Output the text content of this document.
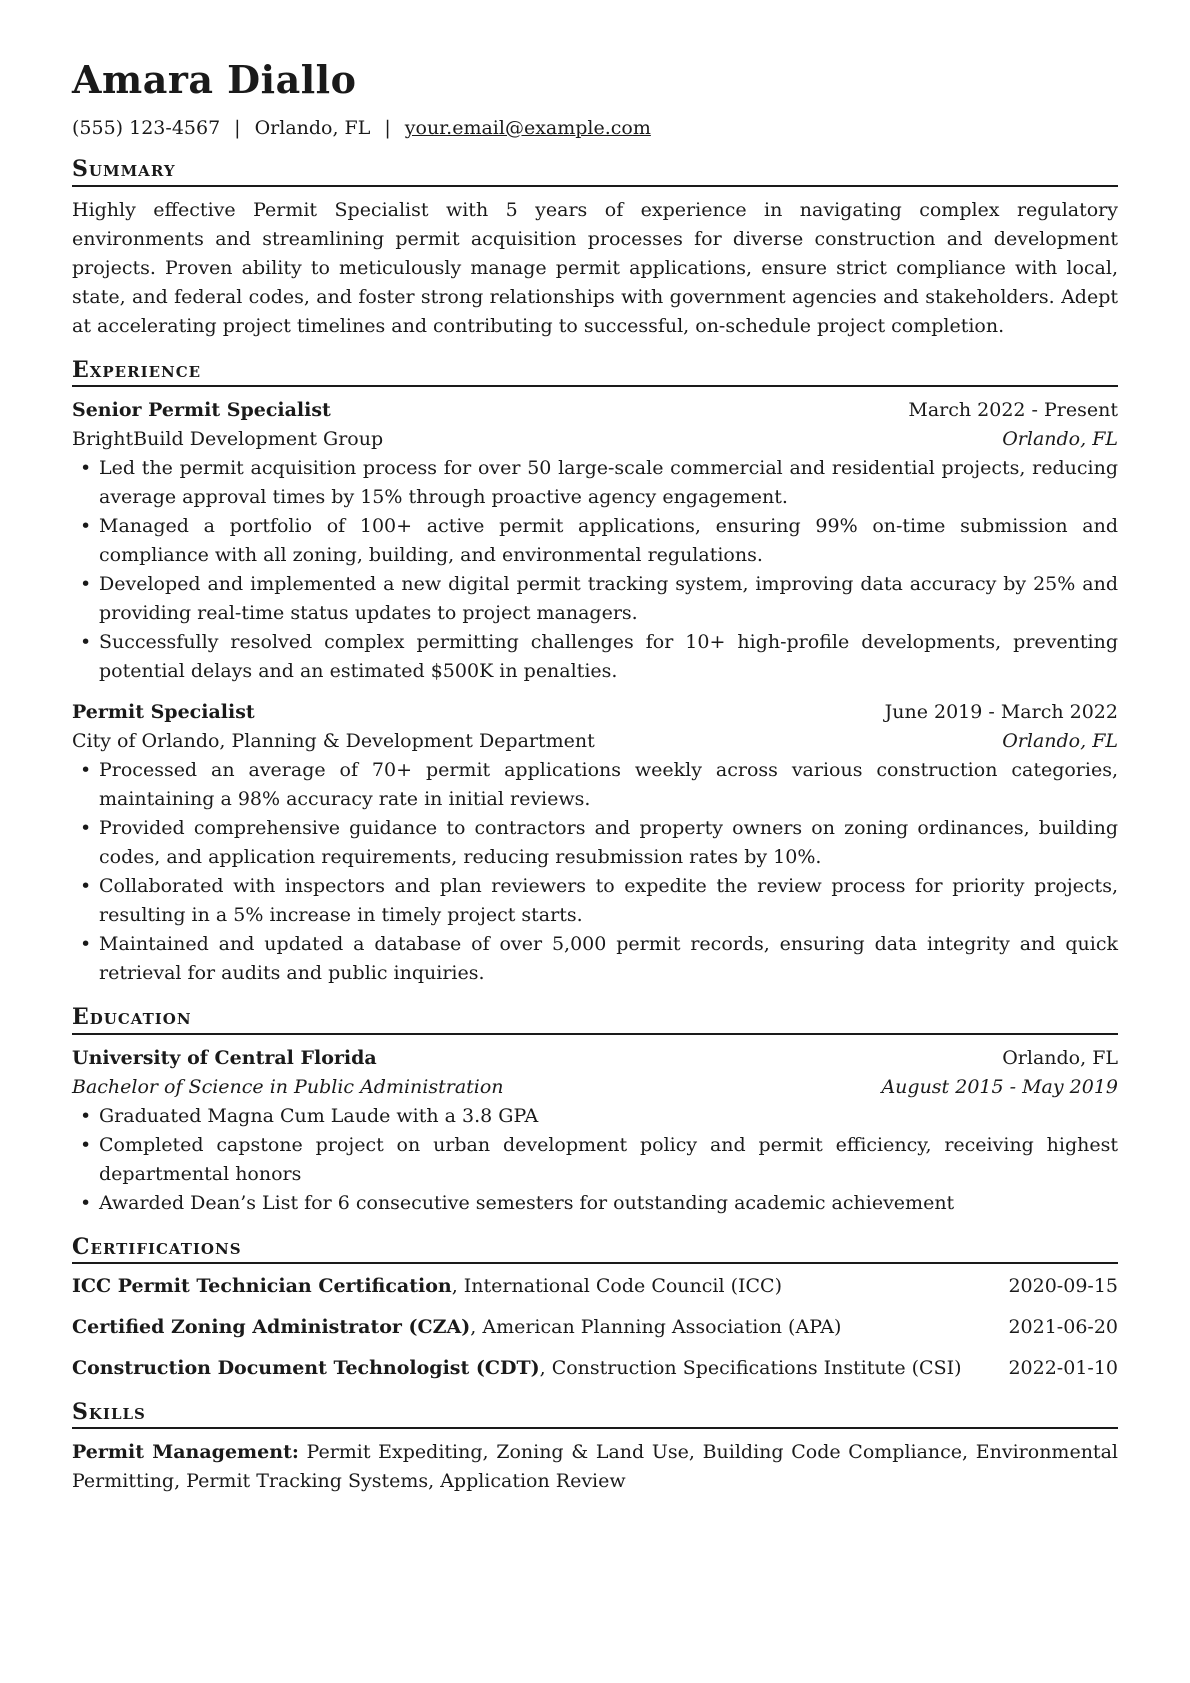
Amara Diallo
(555) 123-4567 | Orlando, FL | your.email@example.com
Summary
Highly effective Permit Specialist with 5 years of experience in navigating complex regulatory environments and streamlining permit acquisition processes for diverse construction and development projects. Proven ability to meticulously manage permit applications, ensure strict compliance with local, state, and federal codes, and foster strong relationships with government agencies and stakeholders. Adept at accelerating project timelines and contributing to successful, on-schedule project completion.
Experience
Senior Permit Specialist	March 2022 - Present
BrightBuild Development Group	Orlando, FL
• Led the permit acquisition process for over 50 large-scale commercial and residential projects, reducing average approval times by 15% through proactive agency engagement.
• Managed a portfolio of 100+ active permit applications, ensuring 99% on-time submission and compliance with all zoning, building, and environmental regulations.
• Developed and implemented a new digital permit tracking system, improving data accuracy by 25% and providing real-time status updates to project managers.
• Successfully resolved complex permitting challenges for 10+ high-profile developments, preventing potential delays and an estimated $500K in penalties.
Permit Specialist	June 2019 - March 2022
City of Orlando, Planning & Development Department	Orlando, FL
• Processed an average of 70+ permit applications weekly across various construction categories, maintaining a 98% accuracy rate in initial reviews.
• Provided comprehensive guidance to contractors and property owners on zoning ordinances, building codes, and application requirements, reducing resubmission rates by 10%.
• Collaborated with inspectors and plan reviewers to expedite the review process for priority projects, resulting in a 5% increase in timely project starts.
• Maintained and updated a database of over 5,000 permit records, ensuring data integrity and quick retrieval for audits and public inquiries.
Education
University of Central Florida	Orlando, FL
Bachelor of Science in Public Administration	August 2015 - May 2019
• Graduated Magna Cum Laude with a 3.8 GPA
• Completed capstone project on urban development policy and permit efficiency, receiving highest departmental honors
• Awarded Dean’s List for 6 consecutive semesters for outstanding academic achievement
Certifications
ICC Permit Technician Certification, International Code Council (ICC)	2020-09-15
Certified Zoning Administrator (CZA), American Planning Association (APA)	2021-06-20
Construction Document Technologist (CDT), Construction Specifications Institute (CSI) 2022-01-10
Skills
Permit Management: Permit Expediting, Zoning & Land Use, Building Code Compliance, Environmental Permitting, Permit Tracking Systems, Application Review
